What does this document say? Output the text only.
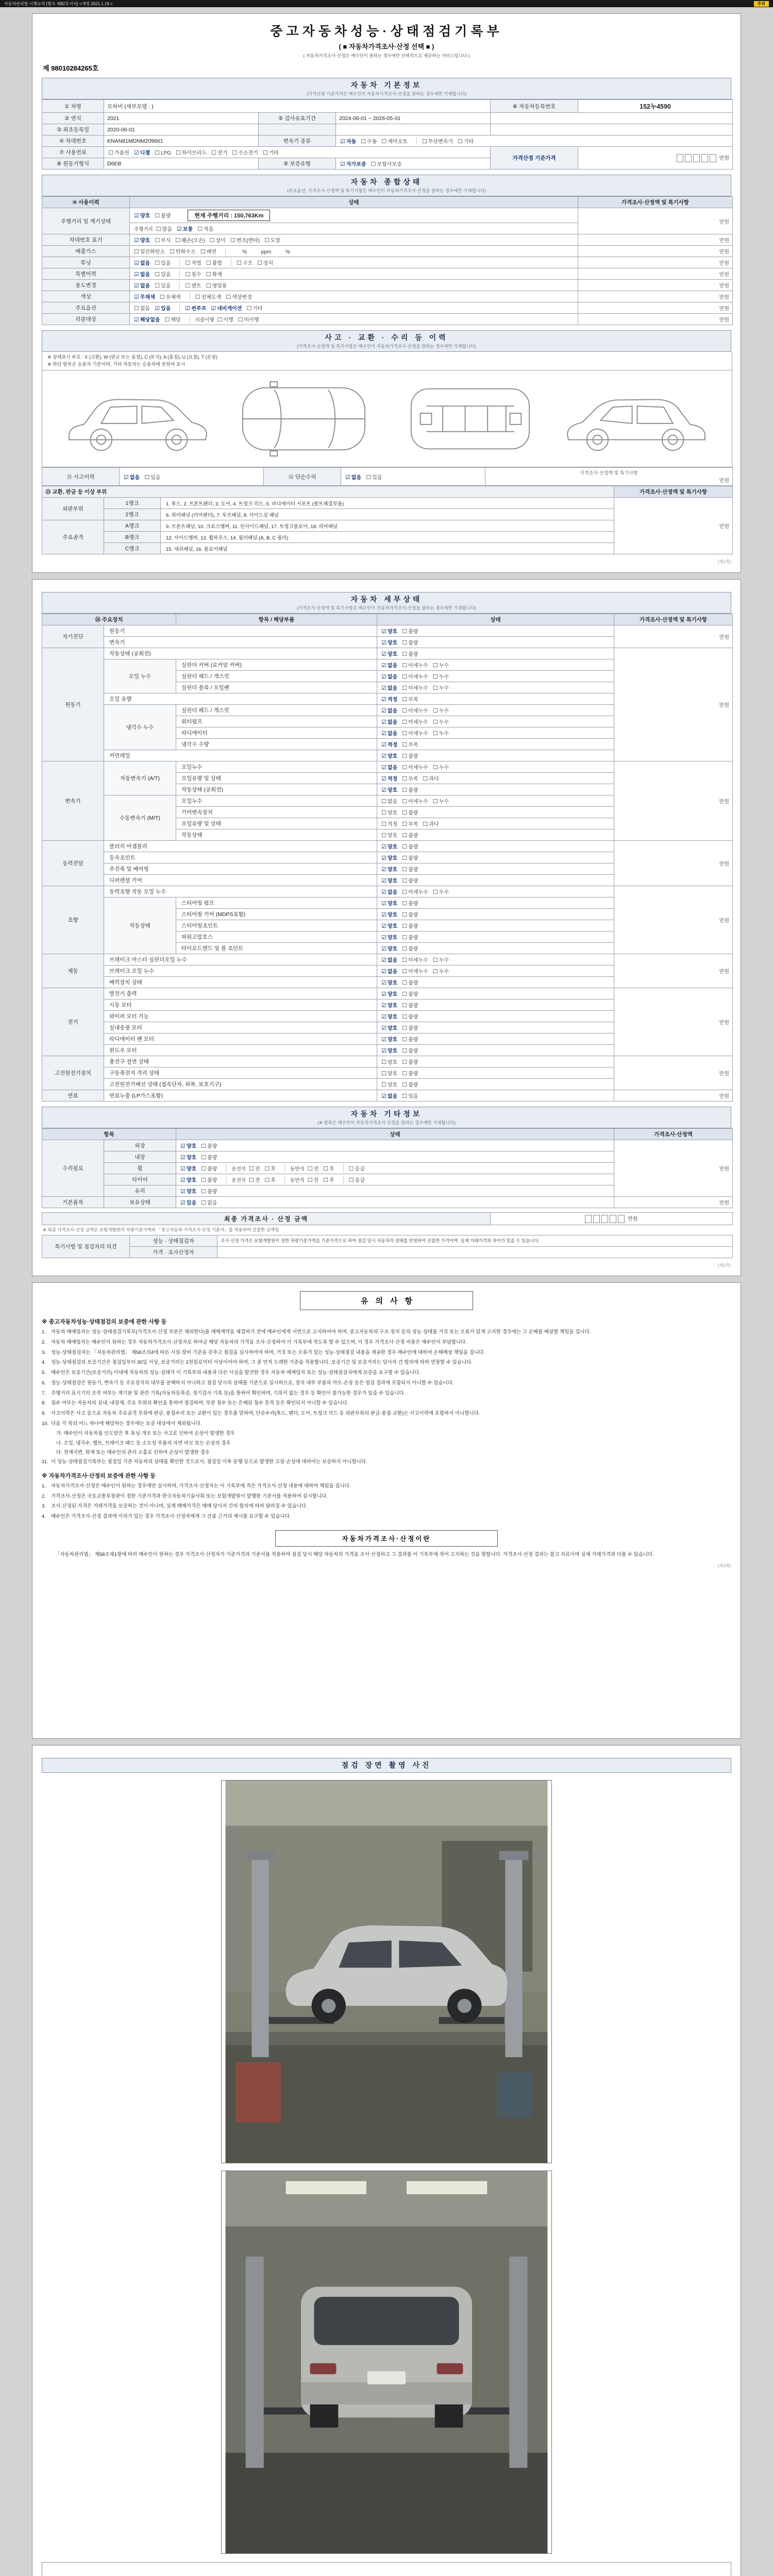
자동차관리법 시행규칙 [별지 제82호서식] <개정 2021.1.19.>	주의
중고자동차성능·상태점검기록부
( ■ 자동차가격조사·산정 선택 ■ )
( 자동차가격조사·산정은 매수인이 원하는 경우에만 선택적으로 제공하는 서비스입니다 )
제 98010284265호
자동차 기본정보
(가격산정 기준가격은 매수인이 자동차가격조사·산정을 원하는 경우에만 기재합니다)
① 차명	모하비 (세부모델 : )			⑥ 자동차등록번호	152누4590
② 연식	2021	⑤ 검사유효기간	2024-06-01 ~ 2026-05-01		
③ 최초등록일	2020-06-01				
④ 차대번호	KNAN81MDNM209661	변속기 종류	☑ 자동 ☐ 수동 ☐ 세미오토 ☐ 무단변속기 ☐ 기타		
⑦ 사용연료	☐ 가솔린 ☑ 디젤 ☐ LPG ☐ 하이브리드 ☐ 전기 ☐ 수소전기 ☐ 기타			가격산정 기준가격	만원
⑧ 원동기형식	D6EB	⑨ 보증유형	☑ 자가보증 ☐ 보험사보증		
자동차 종합상태
(주요옵션, 가격조사·산정액 및 특기사항은 매수인이 자동차가격조사·산정을 원하는 경우에만 기재합니다)
⑩ 사용이력	상태	가격조사·산정액 및 특기사항
주행거리 및 계기상태	☑ 양호 ☐ 불량 현재 주행거리 : 150,763Km	만원
	주행거리 ☐ 많음 ☑ 보통 ☐ 적음	
차대번호 표기	☑ 양호 ☐ 부식 ☐ 훼손(오손) ☐ 상이 ☐ 변조(변타) ☐ 도말	만원
배출가스	☐ 일산화탄소 ☐ 탄화수소 ☐ 매연 %          ppm          %	만원
튜닝	☑ 없음 ☐ 있음 ☐ 적법 ☐ 불법 ☐ 구조 ☐ 장치	만원
특별이력	☑ 없음 ☐ 있음 ☐ 침수 ☐ 화재	만원
용도변경	☑ 없음 ☐ 있음 ☐ 렌트 ☐ 영업용	만원
색상	☑ 무채색 ☐ 유채색 ☐ 전체도색 ☐ 색상변경	만원
주요옵션	☐ 없음 ☑ 있음 ☑ 썬루프 ☑ 네비게이션 ☐ 기타	만원
리콜대상	☑ 해당없음 ☐ 해당 리콜이행 ☐ 이행 ☐ 미이행	만원
사고 · 교환 · 수리 등 이력
(가격조사·산정액 및 특기사항은 매수인이 자동차가격조사·산정을 원하는 경우에만 기재합니다)
※ 상태표시 부호 : X (교환), W (판금 또는 용접), C (부식), A (흠집), U (요철), T (손상)
※ 하단 항목은 승용차 기준이며, 기타 자동차는 승용차에 준하여 표시
⑪ 사고이력	☑ 없음 ☐ 있음	⑫ 단순수리	☑ 없음 ☐ 있음	
가격조사·산정액 및 특기사항
만원
⑬ 교환, 판금 등 이상 부위			가격조사·산정액 및 특기사항
외판부위	1랭크	1. 후드, 2. 프론트펜더, 3. 도어, 4. 트렁크 리드, 5. 라디에이터 서포트 (볼트체결부품)	만원
	2랭크	6. 쿼터패널 (리어펜더), 7. 루프패널, 8. 사이드실 패널	
주요골격	A랭크	9. 프론트패널, 10. 크로스멤버, 11. 인사이드패널, 17. 트렁크플로어, 18. 리어패널	
	B랭크	12. 사이드멤버, 13. 휠하우스, 14. 필러패널 (A, B, C 필러)	
	C랭크	15. 대쉬패널, 16. 플로어패널	
(제1쪽)
자동차 세부상태
(가격조사·산정액 및 특기사항은 매수인이 자동차가격조사·산정을 원하는 경우에만 기재합니다)
⑭ 주요장치		항목 / 해당부품	상태	가격조사·산정액 및 특기사항
자기진단	원동기		☑ 양호 ☐ 불량	만원
	변속기		☑ 양호 ☐ 불량	
원동기	작동상태 (공회전)		☑ 양호 ☐ 불량	만원
	오일 누수	실린더 커버 (로커암 커버)	☑ 없음 ☐ 미세누수 ☐ 누수	
		실린더 헤드 / 개스킷	☑ 없음 ☐ 미세누수 ☐ 누수	
		실린더 블록 / 오일팬	☑ 없음 ☐ 미세누수 ☐ 누수	
	오일 유량		☑ 적정 ☐ 부족	
	냉각수 누수	실린더 헤드 / 개스킷	☑ 없음 ☐ 미세누수 ☐ 누수	
		워터펌프	☑ 없음 ☐ 미세누수 ☐ 누수	
		라디에이터	☑ 없음 ☐ 미세누수 ☐ 누수	
		냉각수 수량	☑ 적정 ☐ 부족	
	커먼레일		☑ 양호 ☐ 불량	
변속기	자동변속기 (A/T)	오일누수	☑ 없음 ☐ 미세누수 ☐ 누수	만원
		오일유량 및 상태	☑ 적정 ☐ 부족 ☐ 과다	
		작동상태 (공회전)	☑ 양호 ☐ 불량	
	수동변속기 (M/T)	오일누수	☐ 없음 ☐ 미세누수 ☐ 누수	
		기어변속장치	☐ 양호 ☐ 불량	
		오일유량 및 상태	☐ 적정 ☐ 부족 ☐ 과다	
		작동상태	☐ 양호 ☐ 불량	
동력전달	클러치 어셈블리		☑ 양호 ☐ 불량	만원
	등속조인트		☑ 양호 ☐ 불량	
	추진축 및 베어링		☑ 양호 ☐ 불량	
	디퍼렌셜 기어		☑ 양호 ☐ 불량	
조향	동력조향 작동 오일 누수		☑ 없음 ☐ 미세누수 ☐ 누수	만원
	작동상태	스티어링 펌프	☑ 양호 ☐ 불량	
		스티어링 기어 (MDPS포함)	☑ 양호 ☐ 불량	
		스티어링조인트	☑ 양호 ☐ 불량	
		파워고압호스	☑ 양호 ☐ 불량	
		타이로드엔드 및 볼 조인트	☑ 양호 ☐ 불량	
제동	브레이크 마스터 실린더오일 누수		☑ 없음 ☐ 미세누수 ☐ 누수	만원
	브레이크 오일 누수		☑ 없음 ☐ 미세누수 ☐ 누수	
	배력장치 상태		☑ 양호 ☐ 불량	
전기	발전기 출력		☑ 양호 ☐ 불량	만원
	시동 모터		☑ 양호 ☐ 불량	
	와이퍼 모터 기능		☑ 양호 ☐ 불량	
	실내송풍 모터		☑ 양호 ☐ 불량	
	라디에이터 팬 모터		☑ 양호 ☐ 불량	
	윈도우 모터		☑ 양호 ☐ 불량	
고전원전기장치	충전구 절연 상태		☐ 양호 ☐ 불량	만원
	구동축전지 격리 상태		☐ 양호 ☐ 불량	
	고전원전기배선 상태 (접속단자, 피복, 보호기구)		☐ 양호 ☐ 불량	
연료	연료누출 (LP가스포함)		☑ 없음 ☐ 있음	만원
자동차 기타정보
(※ 항목은 매수인이 자동차가격조사·산정을 원하는 경우에만 기재합니다)
항목		상태	가격조사·산정액
수리필요	외장	☑ 양호 ☐ 불량	만원
	내장	☑ 양호 ☐ 불량	
	휠	☑ 양호 ☐ 불량 운전석 ☐ 전 ☐ 후 동반석 ☐ 전 ☐ 후 ☐ 응급	
	타이어	☑ 양호 ☐ 불량 운전석 ☐ 전 ☐ 후 동반석 ☐ 전 ☐ 후 ☐ 응급	
	유리	☑ 양호 ☐ 불량	
기본품목	보유상태	☑ 있음 ☐ 없음	만원
최종 가격조사 · 산정 금액	만원
※ 최종 가격조사·산정 금액은 보험개발원의 차량기준가액과 「중고자동차 가격조사·산정 기준서」를 적용하여 산출한 금액임
특기사항 및 점검자의 의견	성능 · 상태점검자	조사·산정 가격은 보험개발원이 정한 차량기준가액을 기준가격으로 하여 점검 당시 자동차의 상태를 반영하여 산출한 가격이며, 실제 거래가격과 차이가 있을 수 있습니다.
	가격 · 조사산정자	
(제2쪽)
유의사항
※ 중고자동차성능·상태점검의 보증에 관한 사항 등
1.	자동차 매매업자는 성능·상태점검기록부(가격조사·산정 부분은 제외한다)를 매매계약을 체결하기 전에 매수인에게 서면으로 고지하여야 하며, 중고자동차의 구조·장치 등의 성능·상태를 거짓 또는 오류가 있게 고지한 경우에는 그 손해를 배상할 책임을 집니다.
2.	자동차 매매업자는 매수인이 원하는 경우 자동차가격조사·산정자로 하여금 해당 자동차의 가격을 조사·산정하여 이 기록부에 적도록 할 수 있으며, 이 경우 가격조사·산정 비용은 매수인이 부담합니다.
3.	성능·상태점검자는 「자동차관리법」 제58조의4에 따른 시설·장비 기준을 갖추고 점검을 실시하여야 하며, 거짓 또는 오류가 있는 성능·상태점검 내용을 제공한 경우 매수인에 대하여 손해배상 책임을 집니다.
4.	성능·상태점검의 보증기간은 점검일부터 30일 이상, 보증거리는 2천킬로미터 이상이어야 하며, 그 중 먼저 도래한 기준을 적용합니다. 보증기간 및 보증거리는 당사자 간 합의에 따라 연장할 수 있습니다.
5.	매수인은 보증기간(보증거리) 이내에 자동차의 성능·상태가 이 기록부의 내용과 다른 사실을 발견한 경우 자동차 매매업자 또는 성능·상태점검자에게 보증을 요구할 수 있습니다.
6.	성능·상태점검은 원동기, 변속기 등 주요장치의 내부를 분해하지 아니하고 점검 당시의 상태를 기준으로 실시하므로, 장치 내부 부품의 마모·손상 등은 점검 결과에 포함되지 아니할 수 있습니다.
7.	주행거리 표시기의 조작 여부는 계기판 및 관련 기록(자동차등록증, 정기검사 기록 등)을 통하여 확인하며, 기록이 없는 경우 등 확인이 불가능한 경우가 있을 수 있습니다.
8.	침수 여부는 자동차의 실내, 내장재, 주요 부위의 확인을 통하여 점검하며, 부분 침수 또는 은폐된 침수 흔적 등은 확인되지 아니할 수 있습니다.
9.	사고이력은 사고 등으로 자동차 주요골격 부위에 판금, 용접수리 또는 교환이 있는 경우를 말하며, 단순수리(후드, 펜더, 도어, 트렁크 리드 등 외판부위의 판금·용접·교환)는 사고이력에 포함하지 아니합니다.
10. 다음 각 목의 어느 하나에 해당하는 경우에는 보증 대상에서 제외됩니다.
가. 매수인이 자동차를 인도받은 후 튜닝·개조 또는 사고로 인하여 손상이 발생한 경우
나. 오일, 냉각수, 벨트, 브레이크 패드 등 소모성 부품의 자연 마모 또는 손상의 경우
다. 천재지변, 화재 또는 매수인의 관리 소홀로 인하여 손상이 발생한 경우
11. 이 성능·상태점검기록부는 점검일 기준 자동차의 상태를 확인한 것으로서, 점검일 이후 운행 등으로 발생한 고장·손상에 대하여는 보증하지 아니합니다.
※ 자동차가격조사·산정의 보증에 관한 사항 등
1.	자동차가격조사·산정은 매수인이 원하는 경우에만 실시하며, 가격조사·산정자는 이 기록부에 적은 가격조사·산정 내용에 대하여 책임을 집니다.
2.	가격조사·산정은 국토교통부장관이 정한 기준가격과 한국자동차기술사회 또는 보험개발원이 발행한 기준서를 적용하여 실시합니다.
3.	조사·산정된 가격은 거래가격을 보증하는 것이 아니며, 실제 매매가격은 매매 당사자 간의 합의에 따라 달라질 수 있습니다.
4.	매수인은 가격조사·산정 결과에 이의가 있는 경우 가격조사·산정자에게 그 산출 근거의 제시를 요구할 수 있습니다.
자동차가격조사·산정이란
「자동차관리법」 제58조제1항에 따라 매수인이 원하는 경우 가격조사·산정자가 기준가격과 기준서를 적용하여 점검 당시 해당 자동차의 가격을 조사·산정하고 그 결과를 이 기록부에 적어 고지하는 것을 말합니다. 가격조사·산정 결과는 참고 자료이며 실제 거래가격과 다를 수 있습니다.
(제3쪽)
점검 장면 촬영 사진
